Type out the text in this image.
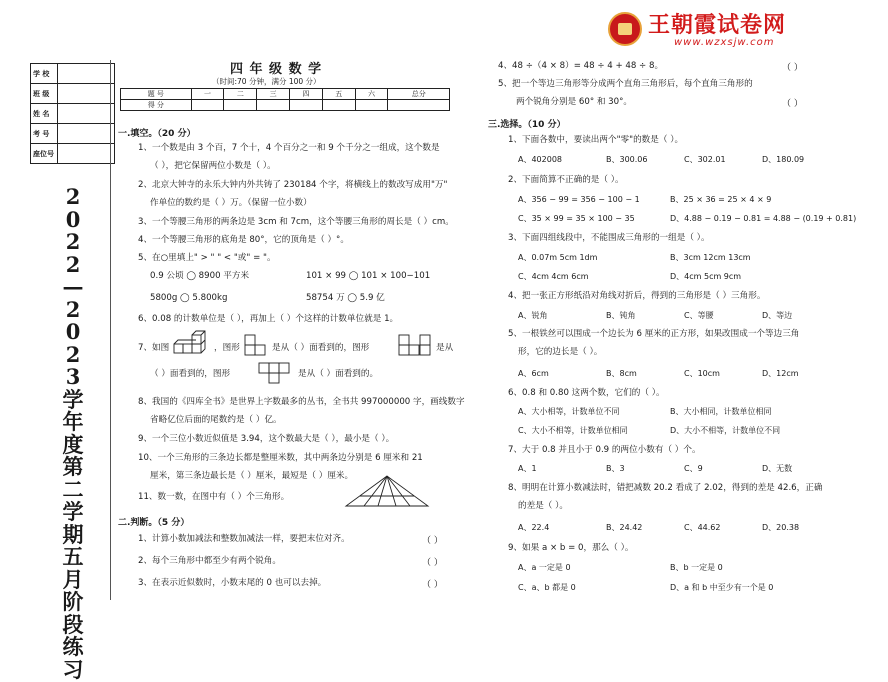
王朝霞试卷网
www.wzxsjw.com
学 校	
班 级	
姓 名	
考 号	
座位号	
2
0
2
2
—
2
0
2
3
学
年
度
第
二
学
期
五
月
阶
段
练
习
四 年 级 数 学
（时间:70 分钟，满分 100 分）
题 号	一	二	三	四	五	六	总分
得 分							
一.填空。（20 分）
1、一个数是由 3 个百，7 个十，4 个百分之一和 9 个千分之一组成，这个数是
（ ），把它保留两位小数是（ ）。
2、北京大钟寺的永乐大钟内外共铸了 230184 个字，将横线上的数改写成用"万"
作单位的数约是（ ）万。（保留一位小数）
3、一个等腰三角形的两条边是 3cm 和 7cm，这个等腰三角形的周长是（ ）cm。
4、一个等腰三角形的底角是 80°，它的顶角是（ ）°。
5、在○里填上" > " " < "或" = "。
0.9 公顷 ◯ 8900 平方米	101 × 99 ◯ 101 × 100−101
5800g ◯ 5.800kg	58754 万 ◯ 5.9 亿
6、0.08 的计数单位是（ ），再加上（ ）个这样的计数单位就是 1。
7、如图	，图形	是从（ ）面看到的，图形	是从
（ ）面看到的，图形	是从（ ）面看到的。
8、我国的《四库全书》是世界上字数最多的丛书，全书共 997000000 字，画线数字
省略亿位后面的尾数约是（ ）亿。
9、一个三位小数近似值是 3.94，这个数最大是（ ），最小是（ ）。
10、一个三角形的三条边长都是整厘米数，其中两条边分别是 6 厘米和 21
厘米，第三条边最长是（ ）厘米，最短是（ ）厘米。
11、数一数，在图中有（ ）个三角形。
二.判断。（5 分）
1、计算小数加减法和整数加减法一样，要把末位对齐。	（ ）
2、每个三角形中都至少有两个锐角。	（ ）
3、在表示近似数时，小数末尾的 0 也可以去掉。	（ ）
4、48 ÷（4 × 8）= 48 ÷ 4 + 48 ÷ 8。	（ ）
5、把一个等边三角形等分成两个直角三角形后，每个直角三角形的
两个锐角分别是 60° 和 30°。	（ ）
三.选择。（10 分）
1、下面各数中，要读出两个"零"的数是（ ）。
A、402008	B、300.06	C、302.01	D、180.09
2、下面简算不正确的是（ ）。
A、356 − 99 = 356 − 100 − 1	B、25 × 36 = 25 × 4 × 9
C、35 × 99 = 35 × 100 − 35	D、4.88 − 0.19 − 0.81 = 4.88 − (0.19 + 0.81)
3、下面四组线段中，不能围成三角形的一组是（ ）。
A、0.07m 5cm 1dm	B、3cm 12cm 13cm
C、4cm 4cm 6cm	D、4cm 5cm 9cm
4、把一张正方形纸沿对角线对折后，得到的三角形是（ ）三角形。
A、锐角	B、钝角	C、等腰	D、等边
5、一根铁丝可以围成一个边长为 6 厘米的正方形，如果改围成一个等边三角
形，它的边长是（ ）。
A、6cm	B、8cm	C、10cm	D、12cm
6、0.8 和 0.80 这两个数，它们的（ ）。
A、大小相等，计数单位不同	B、大小相同，计数单位相同
C、大小不相等，计数单位相同	D、大小不相等，计数单位不同
7、大于 0.8 并且小于 0.9 的两位小数有（ ）个。
A、1	B、3	C、9	D、无数
8、明明在计算小数减法时，错把减数 20.2 看成了 2.02，得到的差是 42.6，正确
的差是（ ）。
A、22.4	B、24.42	C、44.62	D、20.38
9、如果 a × b = 0，那么（ ）。
A、a 一定是 0	B、b 一定是 0
C、a、b 都是 0	D、a 和 b 中至少有一个是 0
